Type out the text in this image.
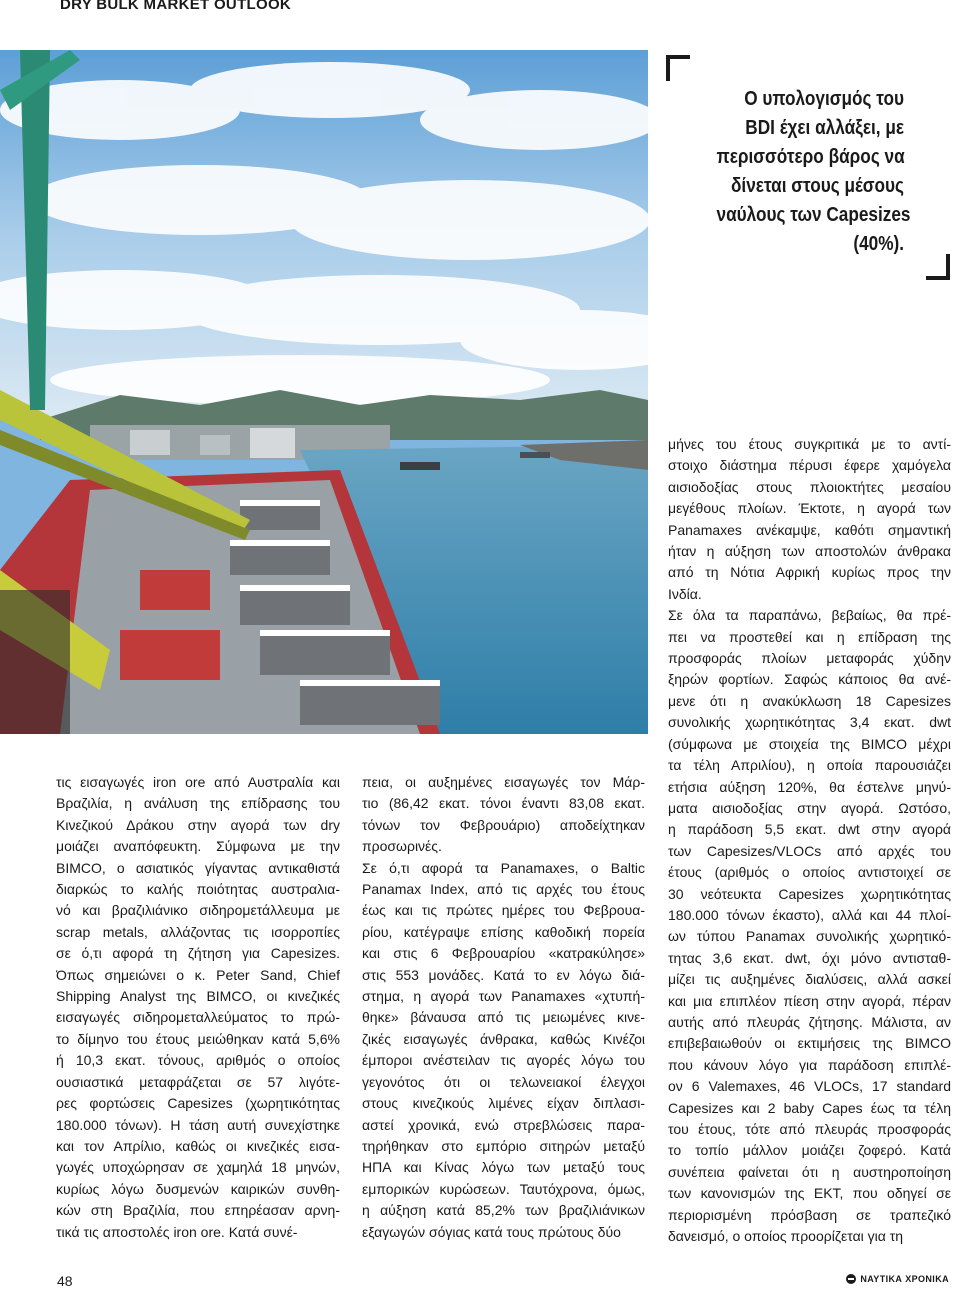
DRY BULK MARKET OUTLOOK
Ο υπολογισμός του
BDI έχει αλλάξει, με
περισσότερο βάρος να
δίνεται στους μέσους
ναύλους των Capesizes
(40%).
τις εισαγωγές iron ore από Αυστραλία και
Βραζιλία, η ανάλυση της επίδρασης του
Κινεζικού Δράκου στην αγορά των dry
μοιάζει αναπόφευκτη. Σύμφωνα με την
BIMCO, ο ασιατικός γίγαντας αντικαθιστά
διαρκώς το καλής ποιότητας αυστραλια-
νό και βραζιλιάνικο σιδηρομετάλλευμα με
scrap metals, αλλάζοντας τις ισορροπίες
σε ό,τι αφορά τη ζήτηση για Capesizes.
Όπως σημειώνει ο κ. Peter Sand, Chief
Shipping Analyst της BIMCO, οι κινεζικές
εισαγωγές σιδηρομεταλλεύματος το πρώ-
το δίμηνο του έτους μειώθηκαν κατά 5,6%
ή 10,3 εκατ. τόνους, αριθμός ο οποίος
ουσιαστικά μεταφράζεται σε 57 λιγότε-
ρες φορτώσεις Capesizes (χωρητικότητας
180.000 τόνων). Η τάση αυτή συνεχίστηκε
και τον Απρίλιο, καθώς οι κινεζικές εισα-
γωγές υποχώρησαν σε χαμηλά 18 μηνών,
κυρίως λόγω δυσμενών καιρικών συνθη-
κών στη Βραζιλία, που επηρέασαν αρνη-
τικά τις αποστολές iron ore. Κατά συνέ-
πεια, οι αυξημένες εισαγωγές τον Μάρ-
τιο (86,42 εκατ. τόνοι έναντι 83,08 εκατ.
τόνων τον Φεβρουάριο) αποδείχτηκαν
προσωρινές.
Σε ό,τι αφορά τα Panamaxes, ο Baltic
Panamax Index, από τις αρχές του έτους
έως και τις πρώτες ημέρες του Φεβρουα-
ρίου, κατέγραψε επίσης καθοδική πορεία
και στις 6 Φεβρουαρίου «κατρακύλησε»
στις 553 μονάδες. Κατά το εν λόγω διά-
στημα, η αγορά των Panamaxes «χτυπή-
θηκε» βάναυσα από τις μειωμένες κινε-
ζικές εισαγωγές άνθρακα, καθώς Κινέζοι
έμποροι ανέστειλαν τις αγορές λόγω του
γεγονότος ότι οι τελωνειακοί έλεγχοι
στους κινεζικούς λιμένες είχαν διπλασι-
αστεί χρονικά, ενώ στρεβλώσεις παρα-
τηρήθηκαν στο εμπόριο σιτηρών μεταξύ
ΗΠΑ και Κίνας λόγω των μεταξύ τους
εμπορικών κυρώσεων. Ταυτόχρονα, όμως,
η αύξηση κατά 85,2% των βραζιλιάνικων
εξαγωγών σόγιας κατά τους πρώτους δύο
μήνες του έτους συγκριτικά με το αντί-
στοιχο διάστημα πέρυσι έφερε χαμόγελα
αισιοδοξίας στους πλοιοκτήτες μεσαίου
μεγέθους πλοίων. Έκτοτε, η αγορά των
Panamaxes ανέκαμψε, καθότι σημαντική
ήταν η αύξηση των αποστολών άνθρακα
από τη Νότια Αφρική κυρίως προς την
Ινδία.
Σε όλα τα παραπάνω, βεβαίως, θα πρέ-
πει να προστεθεί και η επίδραση της
προσφοράς πλοίων μεταφοράς χύδην
ξηρών φορτίων. Σαφώς κάποιος θα ανέ-
μενε ότι η ανακύκλωση 18 Capesizes
συνολικής χωρητικότητας 3,4 εκατ. dwt
(σύμφωνα με στοιχεία της BIMCO μέχρι
τα τέλη Απριλίου), η οποία παρουσιάζει
ετήσια αύξηση 120%, θα έστελνε μηνύ-
ματα αισιοδοξίας στην αγορά. Ωστόσο,
η παράδοση 5,5 εκατ. dwt στην αγορά
των Capesizes/VLOCs από αρχές του
έτους (αριθμός ο οποίος αντιστοιχεί σε
30 νεότευκτα Capesizes χωρητικότητας
180.000 τόνων έκαστο), αλλά και 44 πλοί-
ων τύπου Panamax συνολικής χωρητικό-
τητας 3,6 εκατ. dwt, όχι μόνο αντισταθ-
μίζει τις αυξημένες διαλύσεις, αλλά ασκεί
και μια επιπλέον πίεση στην αγορά, πέραν
αυτής από πλευράς ζήτησης. Μάλιστα, αν
επιβεβαιωθούν οι εκτιμήσεις της BIMCO
που κάνουν λόγο για παράδοση επιπλέ-
ον 6 Valemaxes, 46 VLOCs, 17 standard
Capesizes και 2 baby Capes έως τα τέλη
του έτους, τότε από πλευράς προσφοράς
το τοπίο μάλλον μοιάζει ζοφερό. Κατά
συνέπεια φαίνεται ότι η αυστηροποίηση
των κανονισμών της ΕΚΤ, που οδηγεί σε
περιορισμένη πρόσβαση σε τραπεζικό
δανεισμό, ο οποίος προορίζεται για τη
48	ΝΑΥΤΙΚΑ ΧΡΟΝΙΚΑ
